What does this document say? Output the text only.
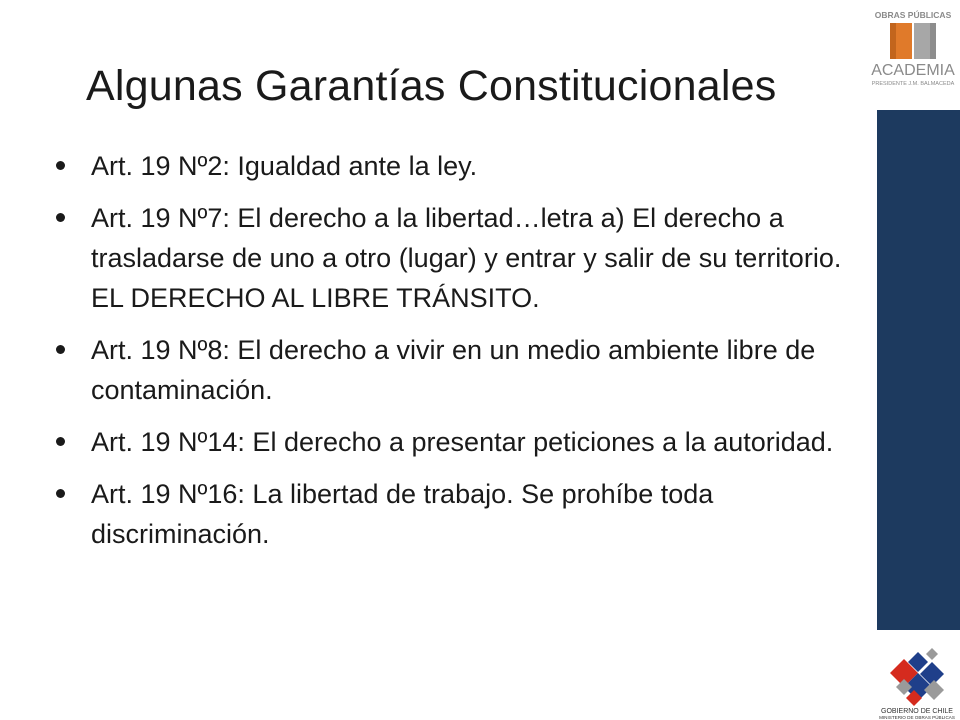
Algunas Garantías Constitucionales
Art. 19 Nº2: Igualdad ante la ley.
Art. 19 Nº7: El derecho a la libertad…letra a) El derecho a trasladarse de uno a otro (lugar) y entrar y salir de su territorio. EL DERECHO AL LIBRE TRÁNSITO.
Art. 19 Nº8: El derecho a vivir en un medio ambiente libre de contaminación.
Art. 19 Nº14: El derecho a presentar peticiones a la autoridad.
Art. 19 Nº16: La libertad de trabajo. Se prohíbe toda discriminación.
OBRAS PÚBLICAS
ACADEMIA
PRESIDENTE J.M. BALMACEDA
GOBIERNO DE CHILE
MINISTERIO DE OBRAS PÚBLICAS
